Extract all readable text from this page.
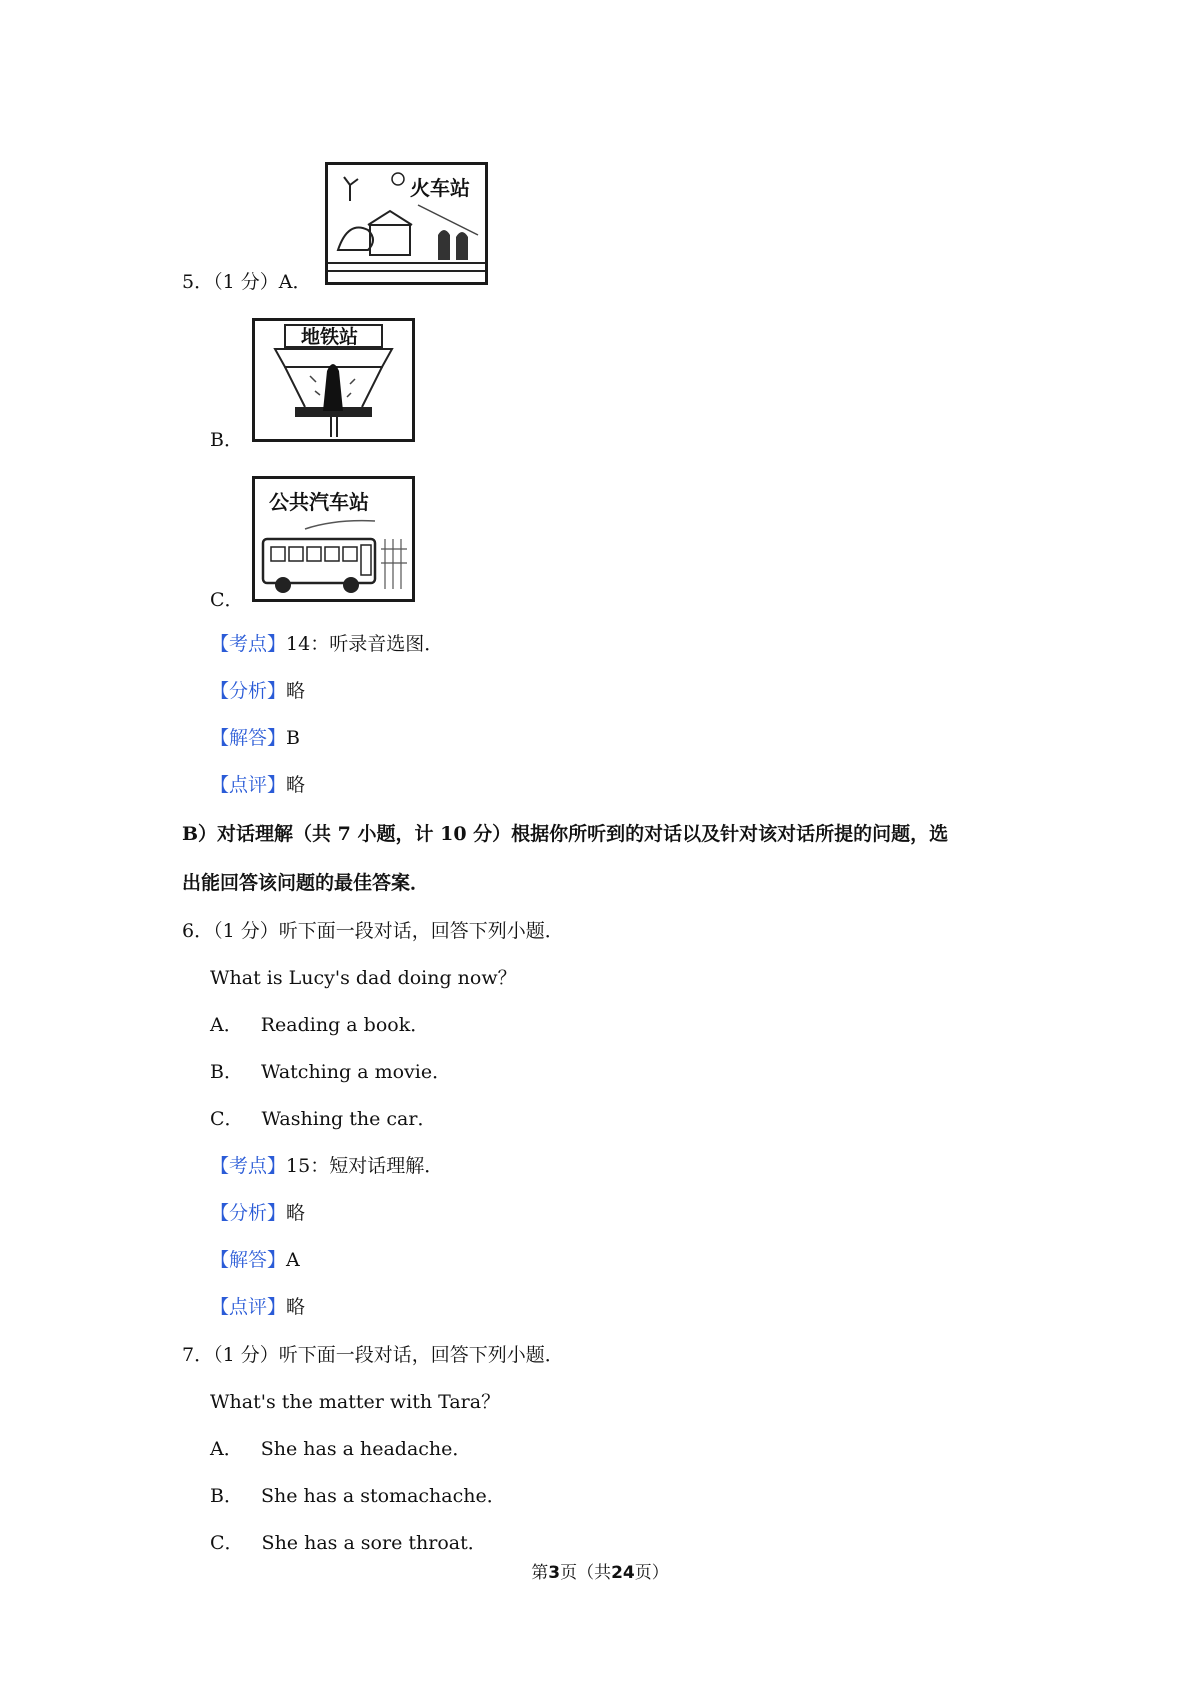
5．（1 分）A．
火车站
B．
地铁站
C．
公共汽车站
【考点】14：听录音选图．
【分析】略
【解答】B
【点评】略
B）对话理解（共 7 小题，计 10 分）根据你所听到的对话以及针对该对话所提的问题，选
出能回答该问题的最佳答案．
6．（1 分）听下面一段对话，回答下列小题．
What is Lucy's dad doing now？
A． Reading a book．
B． Watching a movie．
C． Washing the car．
【考点】15：短对话理解．
【分析】略
【解答】A
【点评】略
7．（1 分）听下面一段对话，回答下列小题．
What's the matter with Tara？
A． She has a headache．
B． She has a stomachache．
C． She has a sore throat．
第3页（共24页）
